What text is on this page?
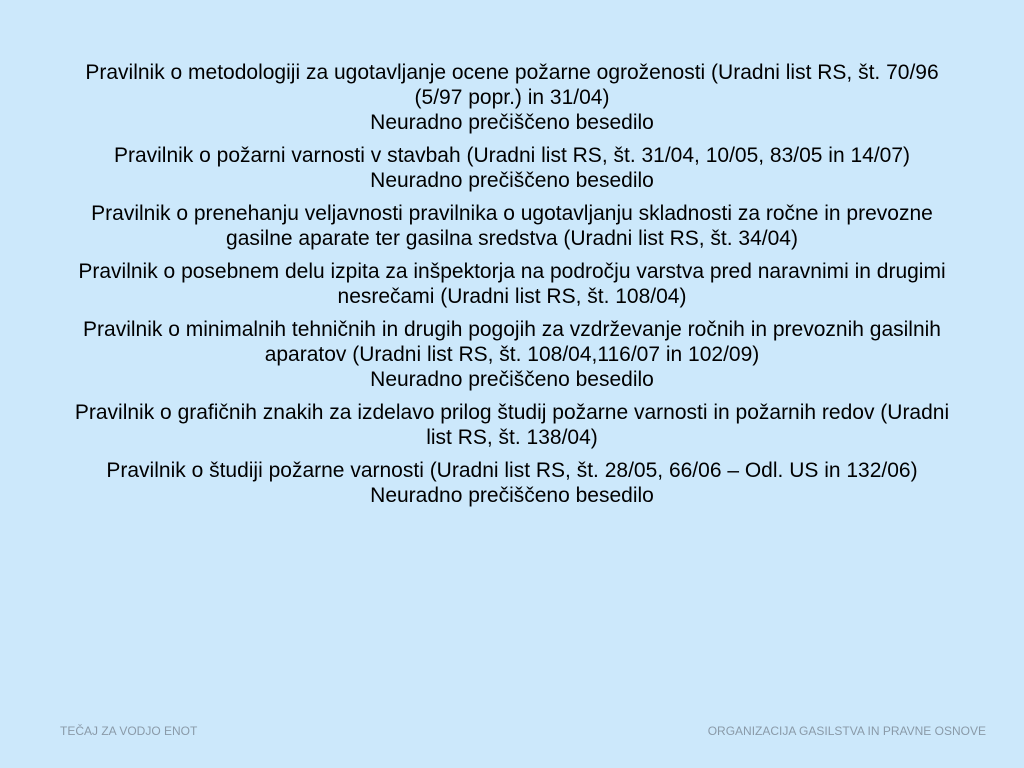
Pravilnik o metodologiji za ugotavljanje ocene požarne ogroženosti (Uradni list RS, št. 70/96 (5/97 popr.) in 31/04)
Neuradno prečiščeno besedilo

Pravilnik o požarni varnosti v stavbah (Uradni list RS, št. 31/04, 10/05, 83/05 in 14/07)
Neuradno prečiščeno besedilo

Pravilnik o prenehanju veljavnosti pravilnika o ugotavljanju skladnosti za ročne in prevozne gasilne aparate ter gasilna sredstva (Uradni list RS, št. 34/04)

Pravilnik o posebnem delu izpita za inšpektorja na področju varstva pred naravnimi in drugimi nesrečami (Uradni list RS, št. 108/04)

Pravilnik o minimalnih tehničnih in drugih pogojih za vzdrževanje ročnih in prevoznih gasilnih aparatov (Uradni list RS, št. 108/04,116/07 in 102/09)
Neuradno prečiščeno besedilo

Pravilnik o grafičnih znakih za izdelavo prilog študij požarne varnosti in požarnih redov (Uradni list RS, št. 138/04)

Pravilnik o študiji požarne varnosti (Uradni list RS, št. 28/05, 66/06 – Odl. US in 132/06)
Neuradno prečiščeno besedilo

TEČAJ ZA VODJO ENOT	ORGANIZACIJA GASILSTVA IN PRAVNE OSNOVE
